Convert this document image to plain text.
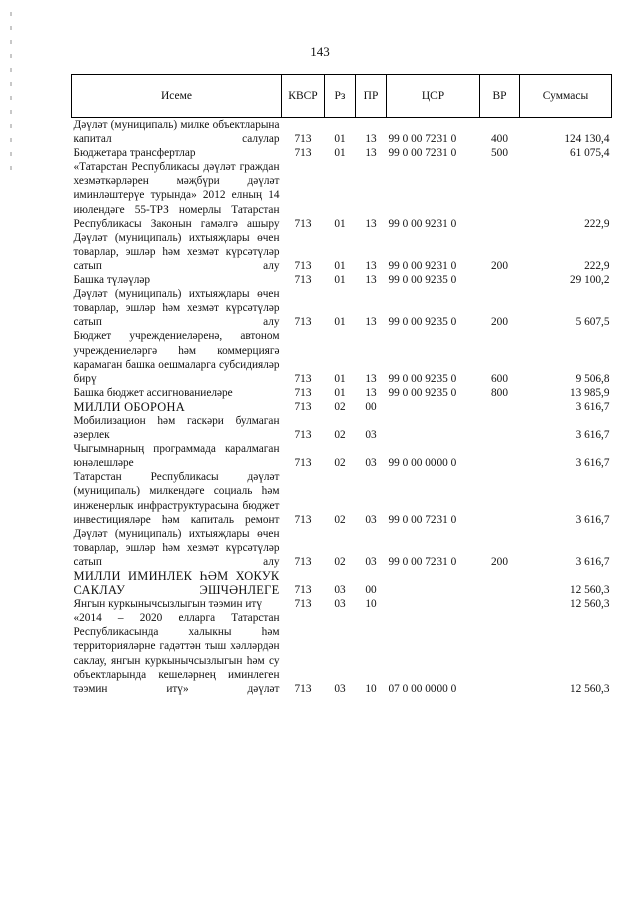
143
Исеме	КВСР	Рз	ПР	ЦСР	ВР	Суммасы
Дәүләт (муниципаль) милке объектларына капитал салулар	713	01	13	99 0 00 7231 0	400	124 130,4
Бюджетара трансфертлар	713	01	13	99 0 00 7231 0	500	61 075,4
«Татарстан Республикасы дәүләт граждан хезмәткәрләрен мәҗбүри дәүләт иминләштерүе турында» 2012 елның 14 июлендәге 55-ТРЗ номерлы Татарстан Республикасы Законын гамәлгә ашыру	713	01	13	99 0 00 9231 0		222,9
Дәүләт (муниципаль) ихтыяҗлары өчен товарлар, эшләр һәм хезмәт күрсәтүләр сатып алу	713	01	13	99 0 00 9231 0	200	222,9
Башка түләүләр	713	01	13	99 0 00 9235 0		29 100,2
Дәүләт (муниципаль) ихтыяҗлары өчен товарлар, эшләр һәм хезмәт күрсәтүләр сатып алу	713	01	13	99 0 00 9235 0	200	5 607,5
Бюджет учреждениеләренә, автоном учреждениеләргә һәм коммерциягә карамаган башка оешмаларга субсидияләр бирү	713	01	13	99 0 00 9235 0	600	9 506,8
Башка бюджет ассигнованиеләре	713	01	13	99 0 00 9235 0	800	13 985,9
МИЛЛИ ОБОРОНА	713	02	00			3 616,7
Мобилизацион һәм гаскәри булмаган әзерлек	713	02	03			3 616,7
Чыгымнарның программада каралмаган юнәлешләре	713	02	03	99 0 00 0000 0		3 616,7
Татарстан Республикасы дәүләт (муниципаль) милкендәге социаль һәм инженерлык инфраструктурасына бюджет инвестицияләре һәм капиталь ремонт	713	02	03	99 0 00 7231 0		3 616,7
Дәүләт (муниципаль) ихтыяҗлары өчен товарлар, эшләр һәм хезмәт күрсәтүләр сатып алу	713	02	03	99 0 00 7231 0	200	3 616,7
МИЛЛИ ИМИНЛЕК ҺӘМ ХОКУК САКЛАУ ЭШЧӘНЛЕГЕ	713	03	00			12 560,3
Янгын куркынычсызлыгын тәэмин итү	713	03	10			12 560,3
«2014 – 2020 елларга Татарстан Республикасында халыкны һәм территорияләрне гадәттән тыш хәлләрдән саклау, янгын куркынычсызлыгын һәм су объектларында кешеләрнең иминлеген тәэмин итү» дәүләт	713	03	10	07 0 00 0000 0		12 560,3
